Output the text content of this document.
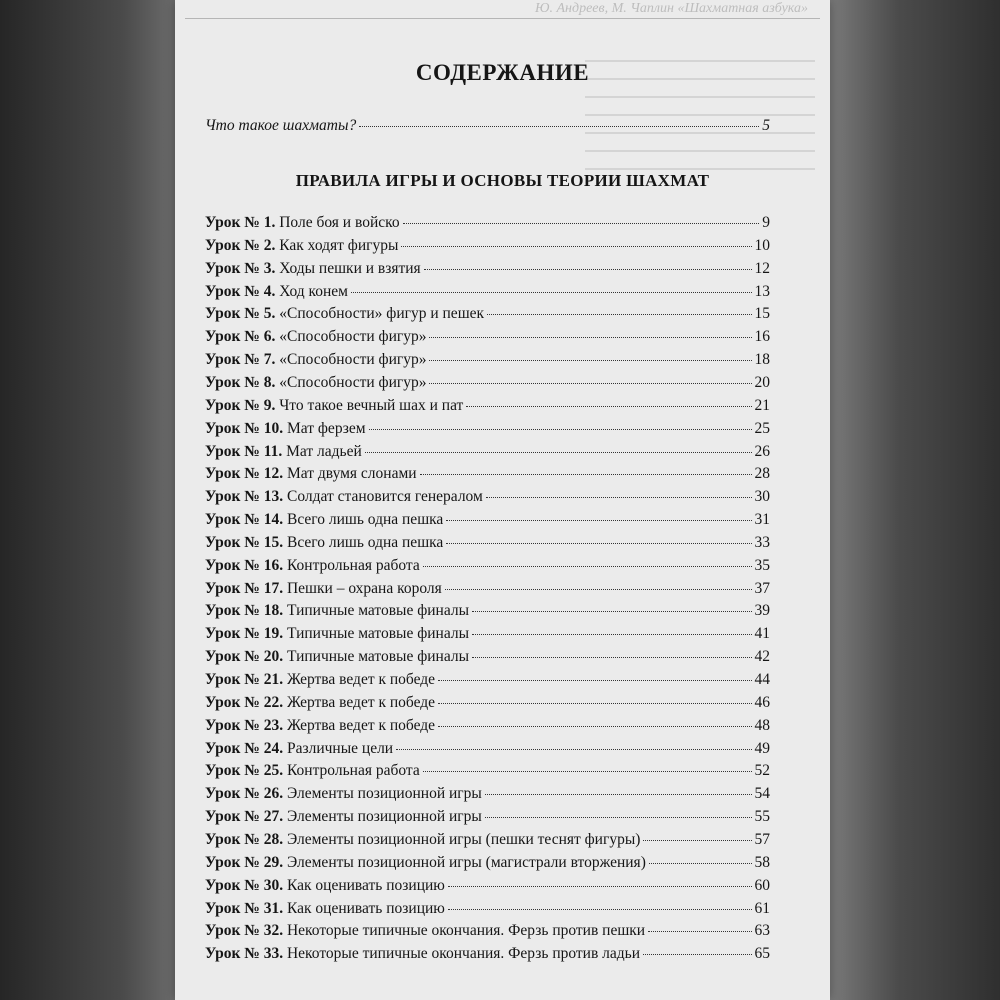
Ю. Андреев, М. Чаплин «Шахматная азбука»
СОДЕРЖАНИЕ
Что такое шахматы?	5
ПРАВИЛА ИГРЫ И ОСНОВЫ ТЕОРИИ ШАХМАТ
Урок № 1. Поле боя и войско	9
Урок № 2. Как ходят фигуры	10
Урок № 3. Ходы пешки и взятия	12
Урок № 4. Ход конем	13
Урок № 5. «Способности» фигур и пешек	15
Урок № 6. «Способности фигур»	16
Урок № 7. «Способности фигур»	18
Урок № 8. «Способности фигур»	20
Урок № 9. Что такое вечный шах и пат	21
Урок № 10. Мат ферзем	25
Урок № 11. Мат ладьей	26
Урок № 12. Мат двумя слонами	28
Урок № 13. Солдат становится генералом	30
Урок № 14. Всего лишь одна пешка	31
Урок № 15. Всего лишь одна пешка	33
Урок № 16. Контрольная работа	35
Урок № 17. Пешки – охрана короля	37
Урок № 18. Типичные матовые финалы	39
Урок № 19. Типичные матовые финалы	41
Урок № 20. Типичные матовые финалы	42
Урок № 21. Жертва ведет к победе	44
Урок № 22. Жертва ведет к победе	46
Урок № 23. Жертва ведет к победе	48
Урок № 24. Различные цели	49
Урок № 25. Контрольная работа	52
Урок № 26. Элементы позиционной игры	54
Урок № 27. Элементы позиционной игры	55
Урок № 28. Элементы позиционной игры (пешки теснят фигуры)	57
Урок № 29. Элементы позиционной игры (магистрали вторжения)	58
Урок № 30. Как оценивать позицию	60
Урок № 31. Как оценивать позицию	61
Урок № 32. Некоторые типичные окончания. Ферзь против пешки	63
Урок № 33. Некоторые типичные окончания. Ферзь против ладьи	65
